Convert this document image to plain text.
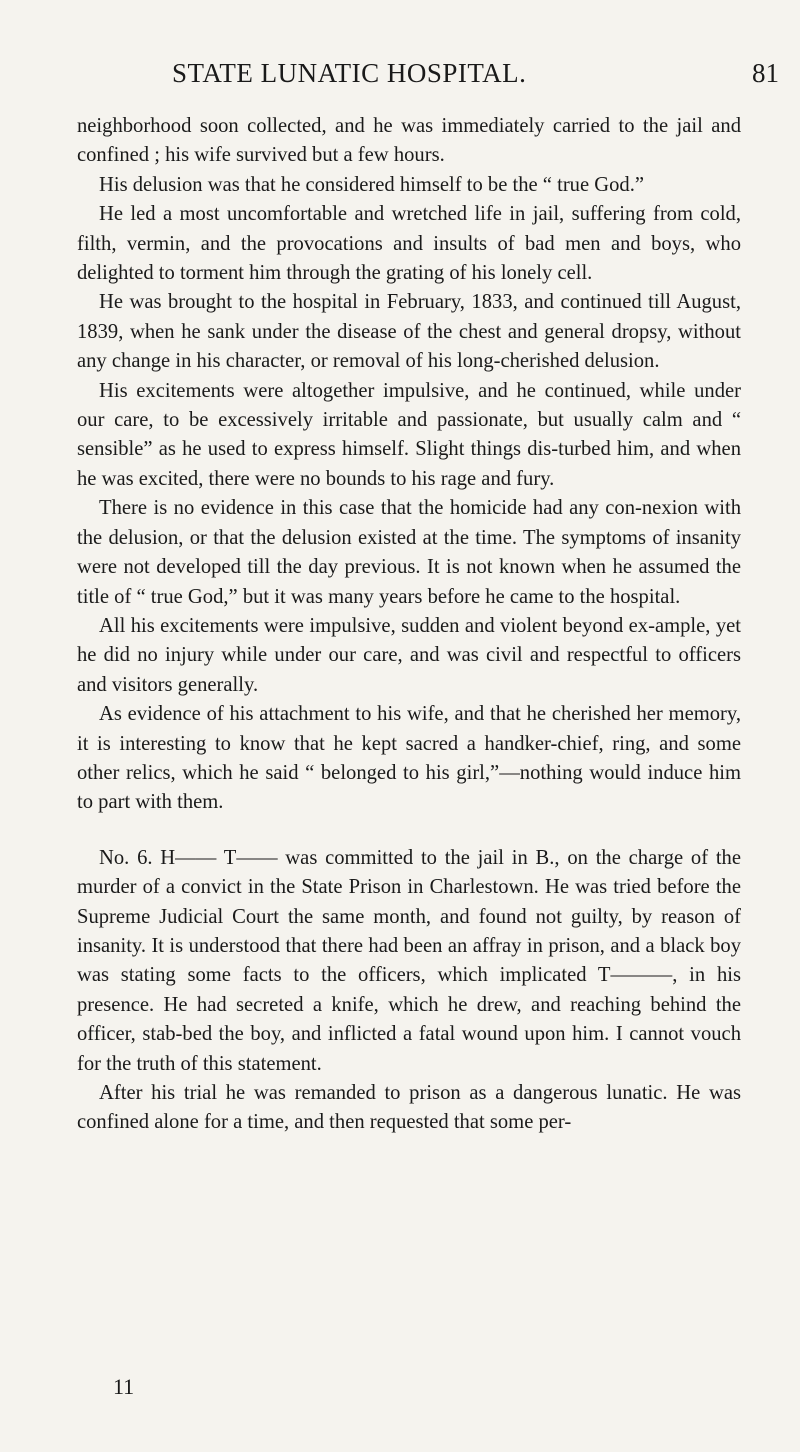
STATE LUNATIC HOSPITAL.	81

neighborhood soon collected, and he was immediately carried to the jail and confined ; his wife survived but a few hours.

His delusion was that he considered himself to be the “ true God.”

He led a most uncomfortable and wretched life in jail, suffering from cold, filth, vermin, and the provocations and insults of bad men and boys, who delighted to torment him through the grating of his lonely cell.

He was brought to the hospital in February, 1833, and continued till August, 1839, when he sank under the disease of the chest and general dropsy, without any change in his character, or removal of his long-cherished delusion.

His excitements were altogether impulsive, and he continued, while under our care, to be excessively irritable and passionate, but usually calm and “ sensible” as he used to express himself. Slight things dis-turbed him, and when he was excited, there were no bounds to his rage and fury.

There is no evidence in this case that the homicide had any con-nexion with the delusion, or that the delusion existed at the time. The symptoms of insanity were not developed till the day previous. It is not known when he assumed the title of “ true God,” but it was many years before he came to the hospital.

All his excitements were impulsive, sudden and violent beyond ex-ample, yet he did no injury while under our care, and was civil and respectful to officers and visitors generally.

As evidence of his attachment to his wife, and that he cherished her memory, it is interesting to know that he kept sacred a handker-chief, ring, and some other relics, which he said “ belonged to his girl,”—nothing would induce him to part with them.

No. 6. H—— T—— was committed to the jail in B., on the charge of the murder of a convict in the State Prison in Charlestown. He was tried before the Supreme Judicial Court the same month, and found not guilty, by reason of insanity. It is understood that there had been an affray in prison, and a black boy was stating some facts to the officers, which implicated T———, in his presence. He had secreted a knife, which he drew, and reaching behind the officer, stab-bed the boy, and inflicted a fatal wound upon him. I cannot vouch for the truth of this statement.

After his trial he was remanded to prison as a dangerous lunatic. He was confined alone for a time, and then requested that some per-

11
